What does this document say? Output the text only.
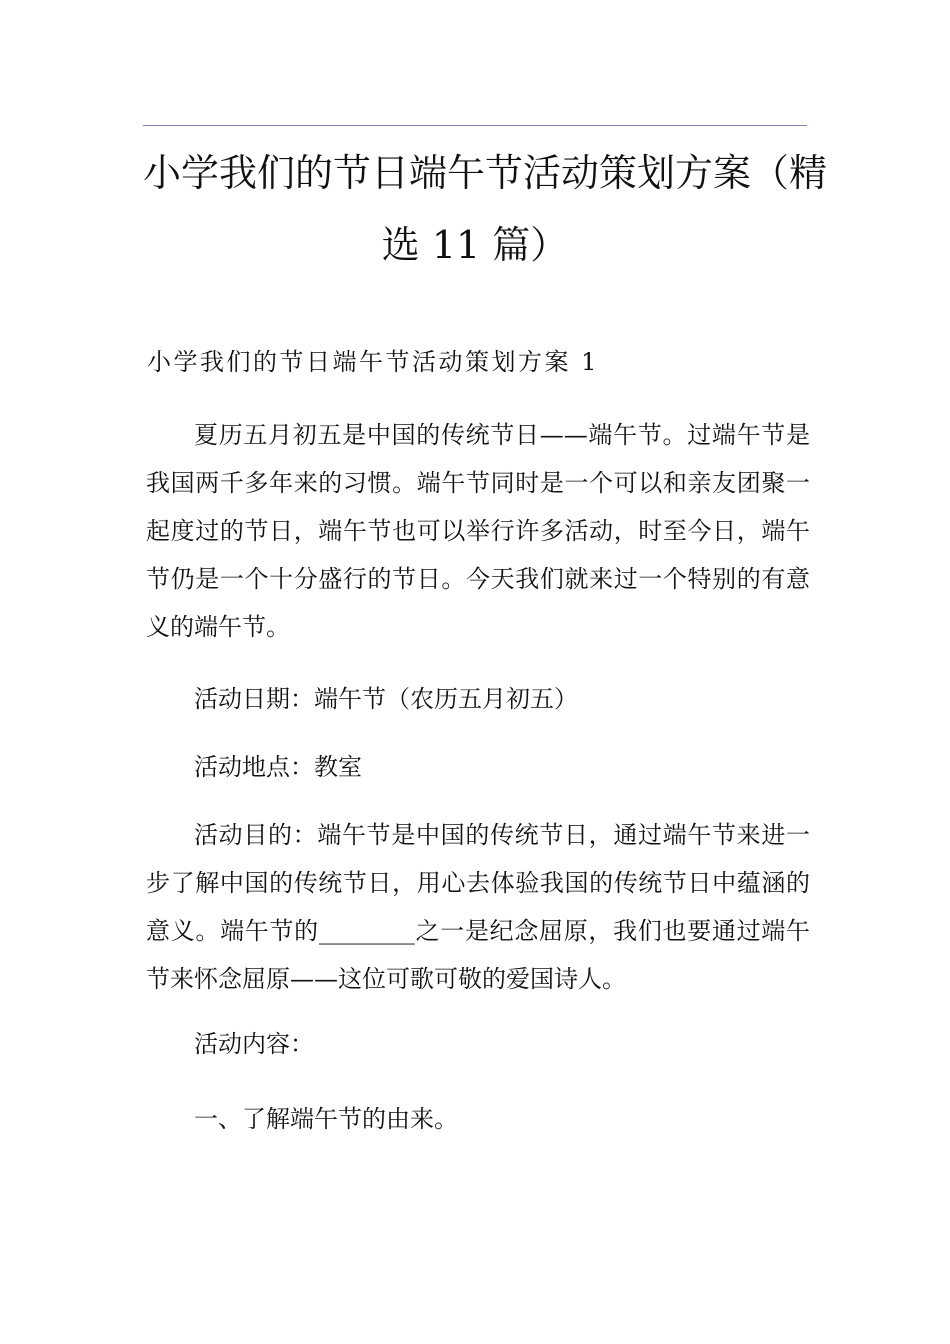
小学我们的节日端午节活动策划方案（精
选 11 篇）
小学我们的节日端午节活动策划方案 1
夏历五月初五是中国的传统节日——端午节。过端午节是我国两千多年来的习惯。端午节同时是一个可以和亲友团聚一起度过的节日，端午节也可以举行许多活动，时至今日，端午节仍是一个十分盛行的节日。今天我们就来过一个特别的有意义的端午节。
活动日期：端午节（农历五月初五）
活动地点：教室
活动目的：端午节是中国的传统节日，通过端午节来进一步了解中国的传统节日，用心去体验我国的传统节日中蕴涵的意义。端午节的________之一是纪念屈原，我们也要通过端午节来怀念屈原——这位可歌可敬的爱国诗人。
活动内容：
一、了解端午节的由来。
